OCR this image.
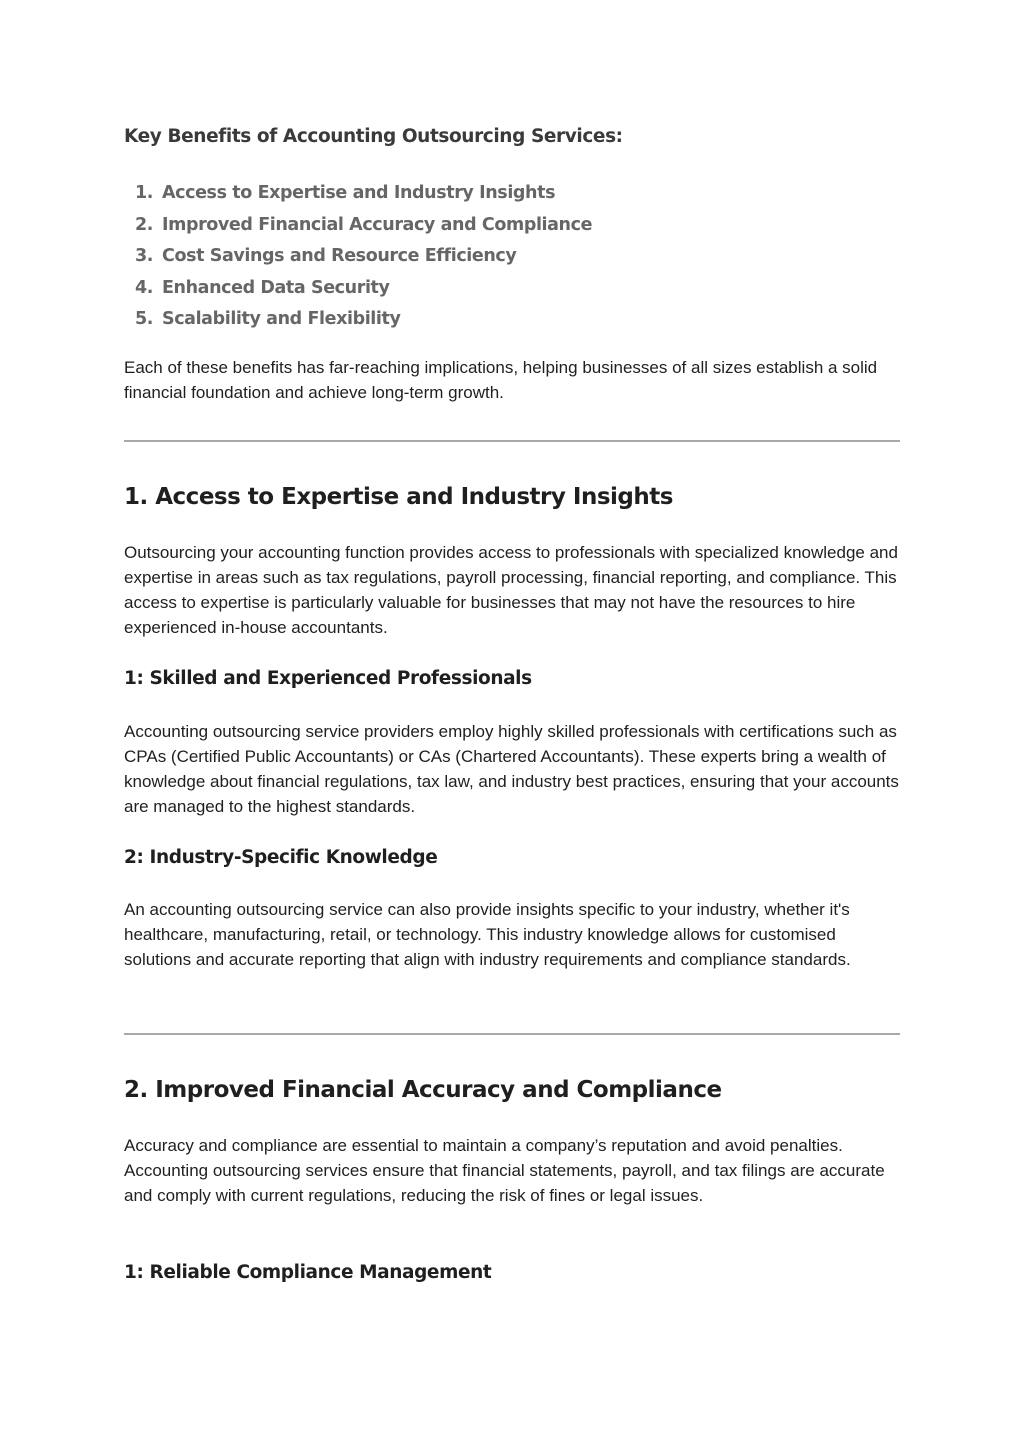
Key Benefits of Accounting Outsourcing Services:
1. Access to Expertise and Industry Insights
2. Improved Financial Accuracy and Compliance
3. Cost Savings and Resource Efficiency
4. Enhanced Data Security
5. Scalability and Flexibility

Each of these benefits has far-reaching implications, helping businesses of all sizes establish a solid financial foundation and achieve long-term growth.

1. Access to Expertise and Industry Insights

Outsourcing your accounting function provides access to professionals with specialized knowledge and expertise in areas such as tax regulations, payroll processing, financial reporting, and compliance. This access to expertise is particularly valuable for businesses that may not have the resources to hire experienced in-house accountants.

1: Skilled and Experienced Professionals

Accounting outsourcing service providers employ highly skilled professionals with certifications such as CPAs (Certified Public Accountants) or CAs (Chartered Accountants). These experts bring a wealth of knowledge about financial regulations, tax law, and industry best practices, ensuring that your accounts are managed to the highest standards.

2: Industry-Specific Knowledge

An accounting outsourcing service can also provide insights specific to your industry, whether it's healthcare, manufacturing, retail, or technology. This industry knowledge allows for customised solutions and accurate reporting that align with industry requirements and compliance standards.

2. Improved Financial Accuracy and Compliance

Accuracy and compliance are essential to maintain a company’s reputation and avoid penalties. Accounting outsourcing services ensure that financial statements, payroll, and tax filings are accurate and comply with current regulations, reducing the risk of fines or legal issues.

1: Reliable Compliance Management
